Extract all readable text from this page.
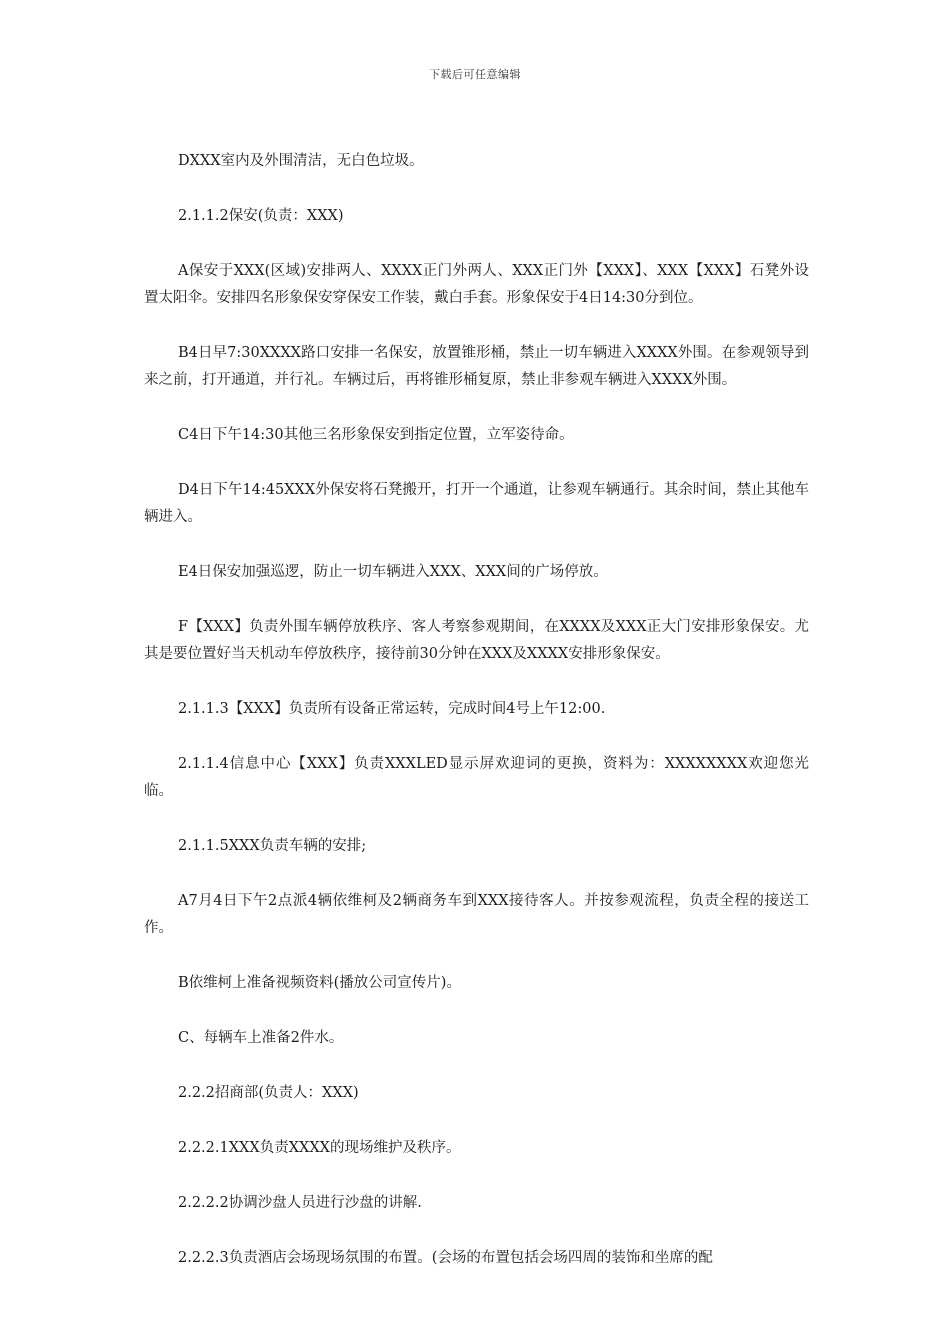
下载后可任意编辑

DXXX室内及外围清洁，无白色垃圾。

2.1.1.2保安(负责：XXX)

A保安于XXX(区域)安排两人、XXXX正门外两人、XXX正门外【XXX】、XXX【XXX】石凳外设置太阳伞。安排四名形象保安穿保安工作装，戴白手套。形象保安于4日14:30分到位。

B4日早7:30XXXX路口安排一名保安，放置锥形桶，禁止一切车辆进入XXXX外围。在参观领导到来之前，打开通道，并行礼。车辆过后，再将锥形桶复原，禁止非参观车辆进入XXXX外围。

C4日下午14:30其他三名形象保安到指定位置，立军姿待命。

D4日下午14:45XXX外保安将石凳搬开，打开一个通道，让参观车辆通行。其余时间，禁止其他车辆进入。

E4日保安加强巡逻，防止一切车辆进入XXX、XXX间的广场停放。

F【XXX】负责外围车辆停放秩序、客人考察参观期间，在XXXX及XXX正大门安排形象保安。尤其是要位置好当天机动车停放秩序，接待前30分钟在XXX及XXXX安排形象保安。

2.1.1.3【XXX】负责所有设备正常运转，完成时间4号上午12:00.

2.1.1.4信息中心【XXX】负责XXXLED显示屏欢迎词的更换，资料为：XXXXXXXX欢迎您光临。

2.1.1.5XXX负责车辆的安排;

A7月4日下午2点派4辆依维柯及2辆商务车到XXX接待客人。并按参观流程，负责全程的接送工作。

B依维柯上准备视频资料(播放公司宣传片)。

C、每辆车上准备2件水。

2.2.2招商部(负责人：XXX)

2.2.2.1XXX负责XXXX的现场维护及秩序。

2.2.2.2协调沙盘人员进行沙盘的讲解.

2.2.2.3负责酒店会场现场氛围的布置。(会场的布置包括会场四周的装饰和坐席的配
